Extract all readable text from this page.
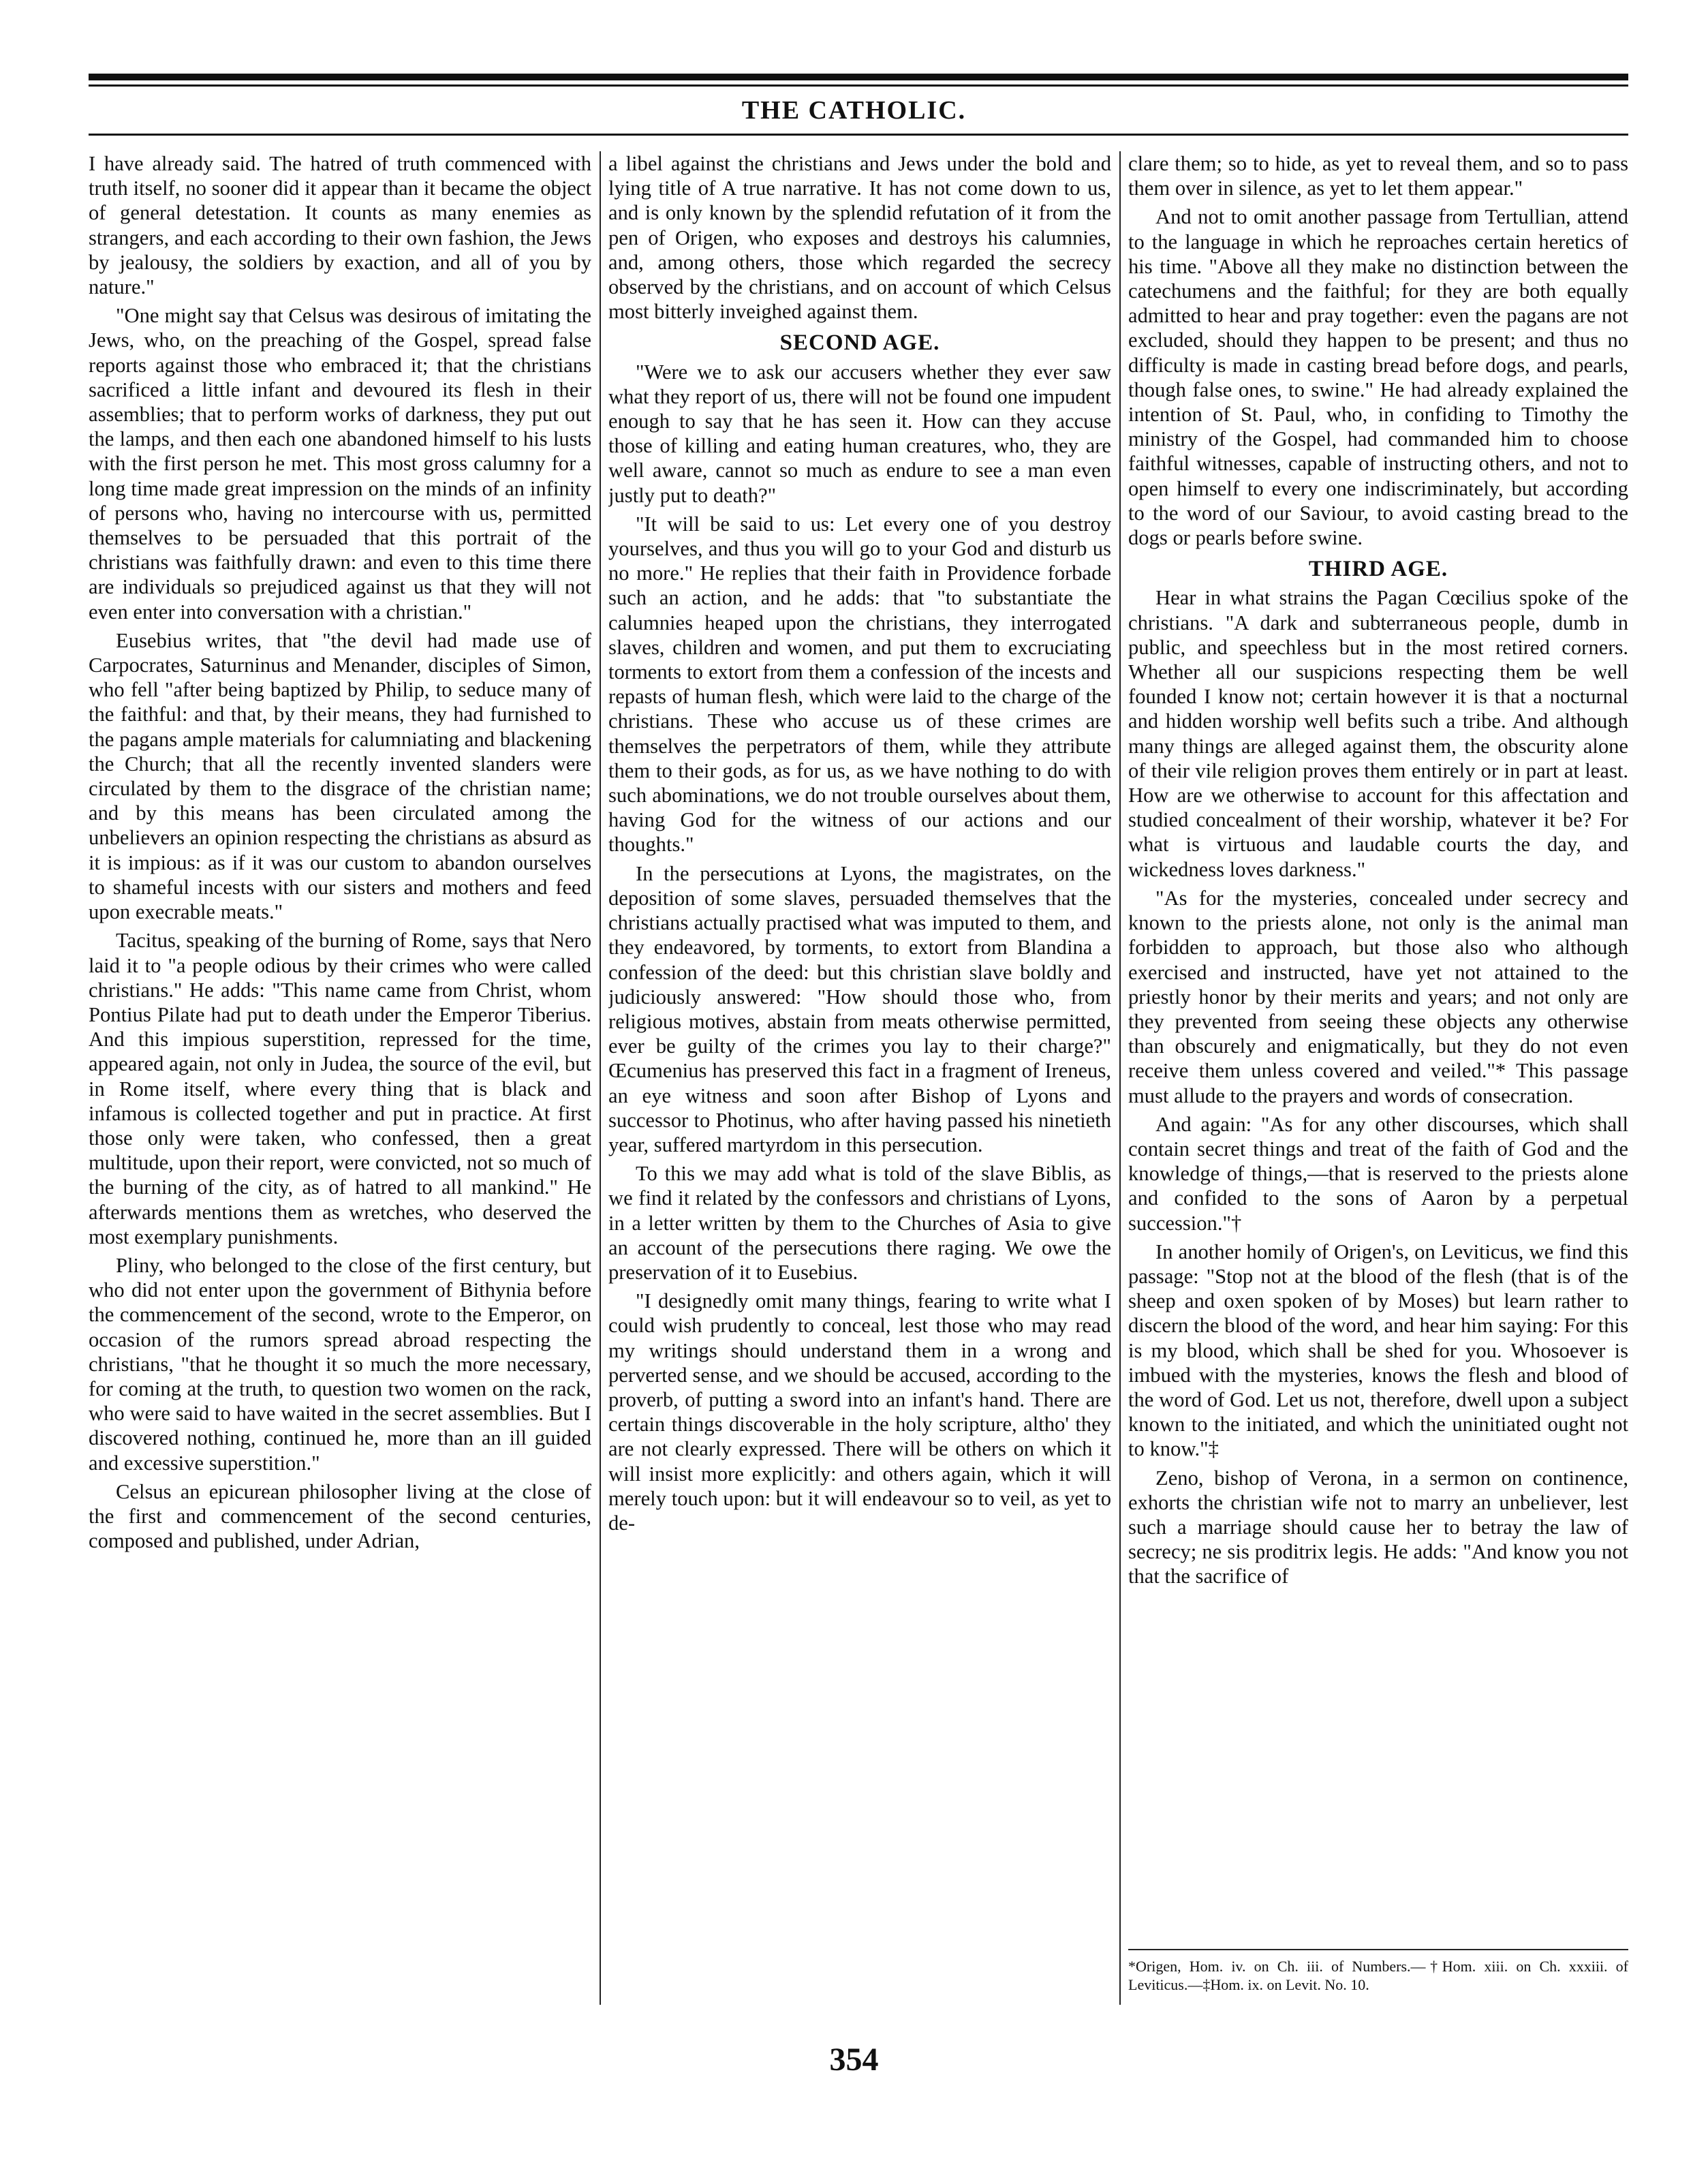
THE CATHOLIC.

I have already said. The hatred of truth commenced with truth itself, no sooner did it appear than it became the object of general detestation. It counts as many enemies as strangers, and each according to their own fashion, the Jews by jealousy, the soldiers by exaction, and all of you by nature."

"One might say that Celsus was desirous of imitating the Jews, who, on the preaching of the Gospel, spread false reports against those who embraced it; that the christians sacrificed a little infant and devoured its flesh in their assemblies; that to perform works of darkness, they put out the lamps, and then each one abandoned himself to his lusts with the first person he met. This most gross calumny for a long time made great impression on the minds of an infinity of persons who, having no intercourse with us, permitted themselves to be persuaded that this portrait of the christians was faithfully drawn: and even to this time there are individuals so prejudiced against us that they will not even enter into conversation with a christian."

Eusebius writes, that "the devil had made use of Carpocrates, Saturninus and Menander, disciples of Simon, who fell "after being baptized by Philip, to seduce many of the faithful: and that, by their means, they had furnished to the pagans ample materials for calumniating and blackening the Church; that all the recently invented slanders were circulated by them to the disgrace of the christian name; and by this means has been circulated among the unbelievers an opinion respecting the christians as absurd as it is impious: as if it was our custom to abandon ourselves to shameful incests with our sisters and mothers and feed upon execrable meats."

Tacitus, speaking of the burning of Rome, says that Nero laid it to "a people odious by their crimes who were called christians." He adds: "This name came from Christ, whom Pontius Pilate had put to death under the Emperor Tiberius. And this impious superstition, repressed for the time, appeared again, not only in Judea, the source of the evil, but in Rome itself, where every thing that is black and infamous is collected together and put in practice. At first those only were taken, who confessed, then a great multitude, upon their report, were convicted, not so much of the burning of the city, as of hatred to all mankind." He afterwards mentions them as wretches, who deserved the most exemplary punishments.

Pliny, who belonged to the close of the first century, but who did not enter upon the government of Bithynia before the commencement of the second, wrote to the Emperor, on occasion of the rumors spread abroad respecting the christians, "that he thought it so much the more necessary, for coming at the truth, to question two women on the rack, who were said to have waited in the secret assemblies. But I discovered nothing, continued he, more than an ill guided and excessive superstition."

Celsus an epicurean philosopher living at the close of the first and commencement of the second centuries, composed and published, under Adrian,

a libel against the christians and Jews under the bold and lying title of A true narrative. It has not come down to us, and is only known by the splendid refutation of it from the pen of Origen, who exposes and destroys his calumnies, and, among others, those which regarded the secrecy observed by the christians, and on account of which Celsus most bitterly inveighed against them.

SECOND AGE.

"Were we to ask our accusers whether they ever saw what they report of us, there will not be found one impudent enough to say that he has seen it. How can they accuse those of killing and eating human creatures, who, they are well aware, cannot so much as endure to see a man even justly put to death?"

"It will be said to us: Let every one of you destroy yourselves, and thus you will go to your God and disturb us no more." He replies that their faith in Providence forbade such an action, and he adds: that "to substantiate the calumnies heaped upon the christians, they interrogated slaves, children and women, and put them to excruciating torments to extort from them a confession of the incests and repasts of human flesh, which were laid to the charge of the christians. These who accuse us of these crimes are themselves the perpetrators of them, while they attribute them to their gods, as for us, as we have nothing to do with such abominations, we do not trouble ourselves about them, having God for the witness of our actions and our thoughts."

In the persecutions at Lyons, the magistrates, on the deposition of some slaves, persuaded themselves that the christians actually practised what was imputed to them, and they endeavored, by torments, to extort from Blandina a confession of the deed: but this christian slave boldly and judiciously answered: "How should those who, from religious motives, abstain from meats otherwise permitted, ever be guilty of the crimes you lay to their charge?" Œcumenius has preserved this fact in a fragment of Ireneus, an eye witness and soon after Bishop of Lyons and successor to Photinus, who after having passed his ninetieth year, suffered martyrdom in this persecution.

To this we may add what is told of the slave Biblis, as we find it related by the confessors and christians of Lyons, in a letter written by them to the Churches of Asia to give an account of the persecutions there raging. We owe the preservation of it to Eusebius.

"I designedly omit many things, fearing to write what I could wish prudently to conceal, lest those who may read my writings should understand them in a wrong and perverted sense, and we should be accused, according to the proverb, of putting a sword into an infant's hand. There are certain things discoverable in the holy scripture, altho' they are not clearly expressed. There will be others on which it will insist more explicitly: and others again, which it will merely touch upon: but it will endeavour so to veil, as yet to de-

clare them; so to hide, as yet to reveal them, and so to pass them over in silence, as yet to let them appear."

And not to omit another passage from Tertullian, attend to the language in which he reproaches certain heretics of his time. "Above all they make no distinction between the catechumens and the faithful; for they are both equally admitted to hear and pray together: even the pagans are not excluded, should they happen to be present; and thus no difficulty is made in casting bread before dogs, and pearls, though false ones, to swine." He had already explained the intention of St. Paul, who, in confiding to Timothy the ministry of the Gospel, had commanded him to choose faithful witnesses, capable of instructing others, and not to open himself to every one indiscriminately, but according to the word of our Saviour, to avoid casting bread to the dogs or pearls before swine.

THIRD AGE.

Hear in what strains the Pagan Cœcilius spoke of the christians. "A dark and subterraneous people, dumb in public, and speechless but in the most retired corners. Whether all our suspicions respecting them be well founded I know not; certain however it is that a nocturnal and hidden worship well befits such a tribe. And although many things are alleged against them, the obscurity alone of their vile religion proves them entirely or in part at least. How are we otherwise to account for this affectation and studied concealment of their worship, whatever it be? For what is virtuous and laudable courts the day, and wickedness loves darkness."

"As for the mysteries, concealed under secrecy and known to the priests alone, not only is the animal man forbidden to approach, but those also who although exercised and instructed, have yet not attained to the priestly honor by their merits and years; and not only are they prevented from seeing these objects any otherwise than obscurely and enigmatically, but they do not even receive them unless covered and veiled."* This passage must allude to the prayers and words of consecration.

And again: "As for any other discourses, which shall contain secret things and treat of the faith of God and the knowledge of things,—that is reserved to the priests alone and confided to the sons of Aaron by a perpetual succession."†

In another homily of Origen's, on Leviticus, we find this passage: "Stop not at the blood of the flesh (that is of the sheep and oxen spoken of by Moses) but learn rather to discern the blood of the word, and hear him saying: For this is my blood, which shall be shed for you. Whosoever is imbued with the mysteries, knows the flesh and blood of the word of God. Let us not, therefore, dwell upon a subject known to the initiated, and which the uninitiated ought not to know."‡

Zeno, bishop of Verona, in a sermon on continence, exhorts the christian wife not to marry an unbeliever, lest such a marriage should cause her to betray the law of secrecy; ne sis proditrix legis. He adds: "And know you not that the sacrifice of

*Origen, Hom. iv. on Ch. iii. of Numbers.—†Hom. xiii. on Ch. xxxiii. of Leviticus.—‡Hom. ix. on Levit. No. 10.
354
